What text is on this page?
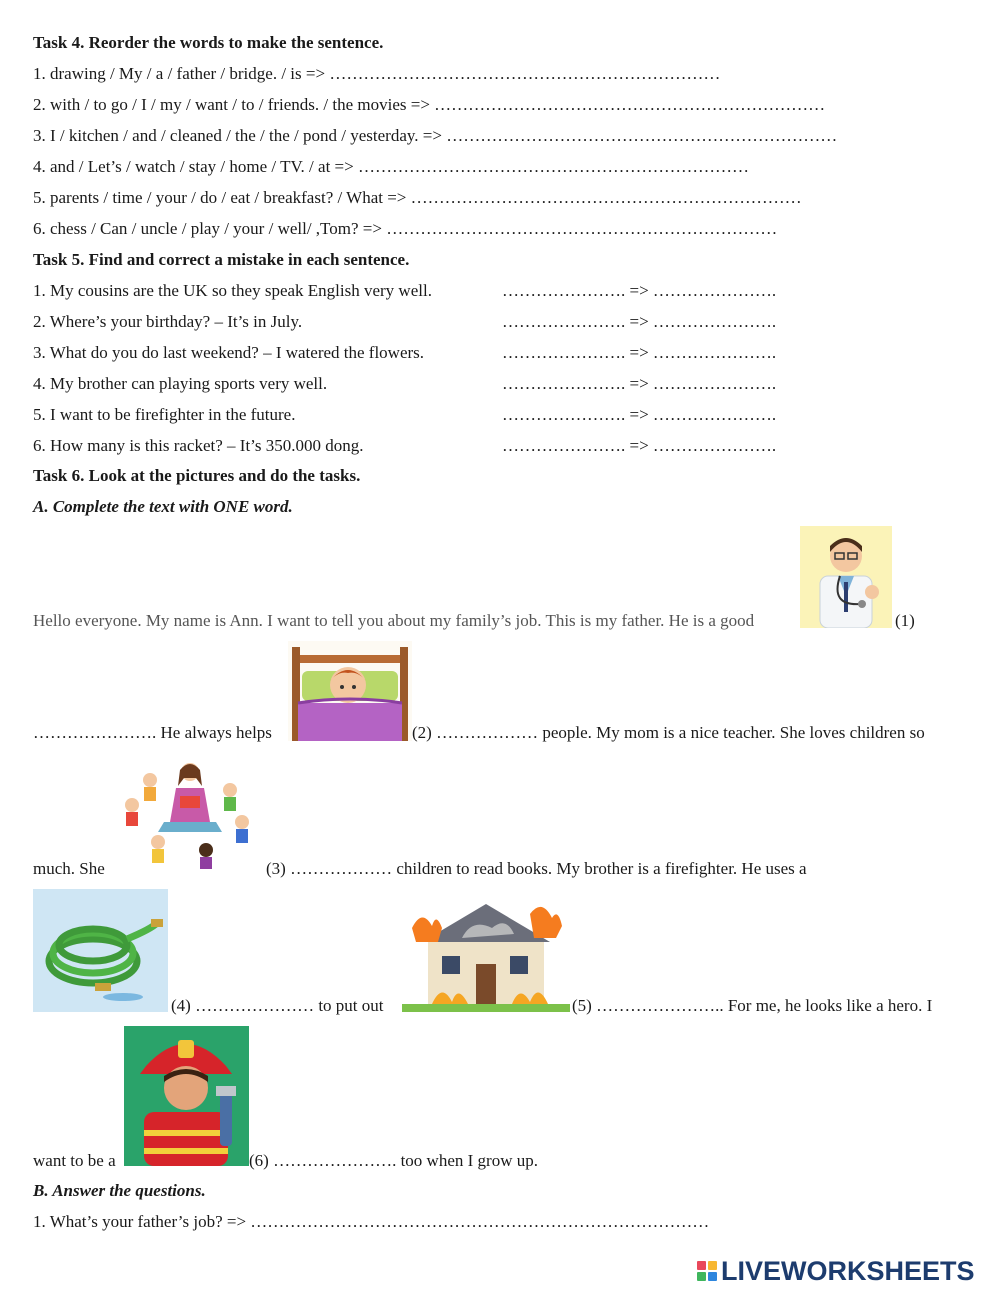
Task 4. Reorder the words to make the sentence.
1. drawing / My / a / father / bridge. / is => ……………………………………………………………
2. with / to go / I / my / want / to / friends. / the movies => ……………………………………………………………
3. I / kitchen / and / cleaned / the / the / pond / yesterday. => ……………………………………………………………
4. and / Let’s / watch / stay / home / TV. / at => ……………………………………………………………
5. parents / time / your / do / eat / breakfast? / What => ……………………………………………………………
6. chess / Can / uncle / play / your / well/ ,Tom? => ……………………………………………………………
Task 5. Find and correct a mistake in each sentence.
1. My cousins are the UK so they speak English very well.	…………………. => ………………….
2. Where’s your birthday? – It’s in July.	…………………. => ………………….
3. What do you do last weekend? – I watered the flowers.	…………………. => ………………….
4. My brother can playing sports very well.	…………………. => ………………….
5. I want to be firefighter in the future.	…………………. => ………………….
6. How many is this racket? – It’s 350.000 dong.	…………………. => ………………….
Task 6. Look at the pictures and do the tasks.
A. Complete the text with ONE word.
Hello everyone. My name is Ann. I want to tell you about my family’s job. This is my father. He is a good	(1)
…………………. He always helps	(2) ……………… people. My mom is a nice teacher. She loves children so
much. She	(3) ……………… children to read books. My brother is a firefighter. He uses a
(4) ………………… to put out	(5) ………………….. For me, he looks like a hero. I
want to be a	(6) …………………. too when I grow up.
B. Answer the questions.
1. What’s your father’s job? => ………………………………………………………………………
LIVEWORKSHEETS
